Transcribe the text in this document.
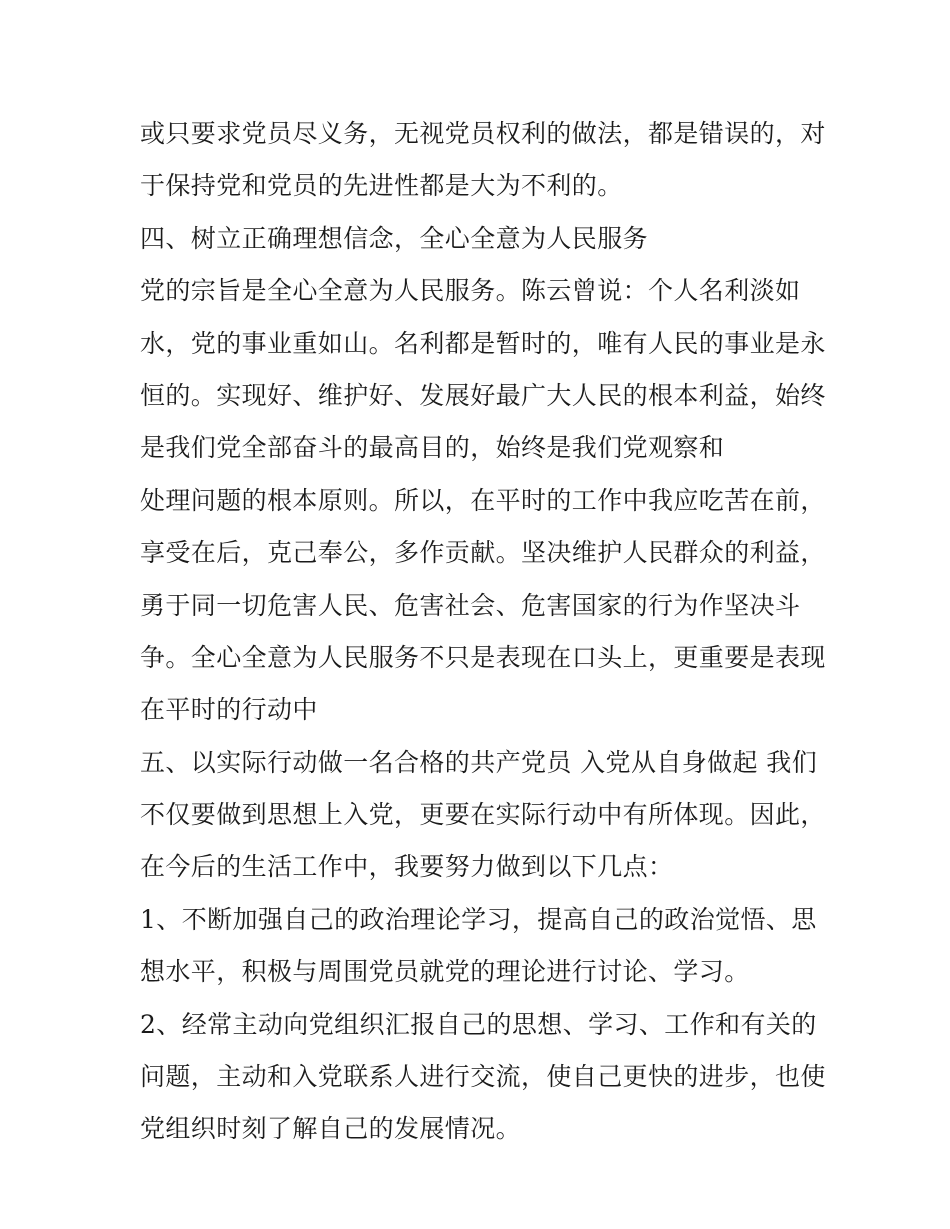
或只要求党员尽义务，无视党员权利的做法，都是错误的，对
于保持党和党员的先进性都是大为不利的。
四、树立正确理想信念，全心全意为人民服务
党的宗旨是全心全意为人民服务。陈云曾说：个人名利淡如
水，党的事业重如山。名利都是暂时的，唯有人民的事业是永
恒的。实现好、维护好、发展好最广大人民的根本利益，始终
是我们党全部奋斗的最高目的，始终是我们党观察和
处理问题的根本原则。所以，在平时的工作中我应吃苦在前，
享受在后，克己奉公，多作贡献。坚决维护人民群众的利益，
勇于同一切危害人民、危害社会、危害国家的行为作坚决斗
争。全心全意为人民服务不只是表现在口头上，更重要是表现
在平时的行动中
五、以实际行动做一名合格的共产党员 入党从自身做起 我们
不仅要做到思想上入党，更要在实际行动中有所体现。因此，
在今后的生活工作中，我要努力做到以下几点：
1、不断加强自己的政治理论学习，提高自己的政治觉悟、思
想水平，积极与周围党员就党的理论进行讨论、学习。
2、经常主动向党组织汇报自己的思想、学习、工作和有关的
问题，主动和入党联系人进行交流，使自己更快的进步，也使
党组织时刻了解自己的发展情况。
